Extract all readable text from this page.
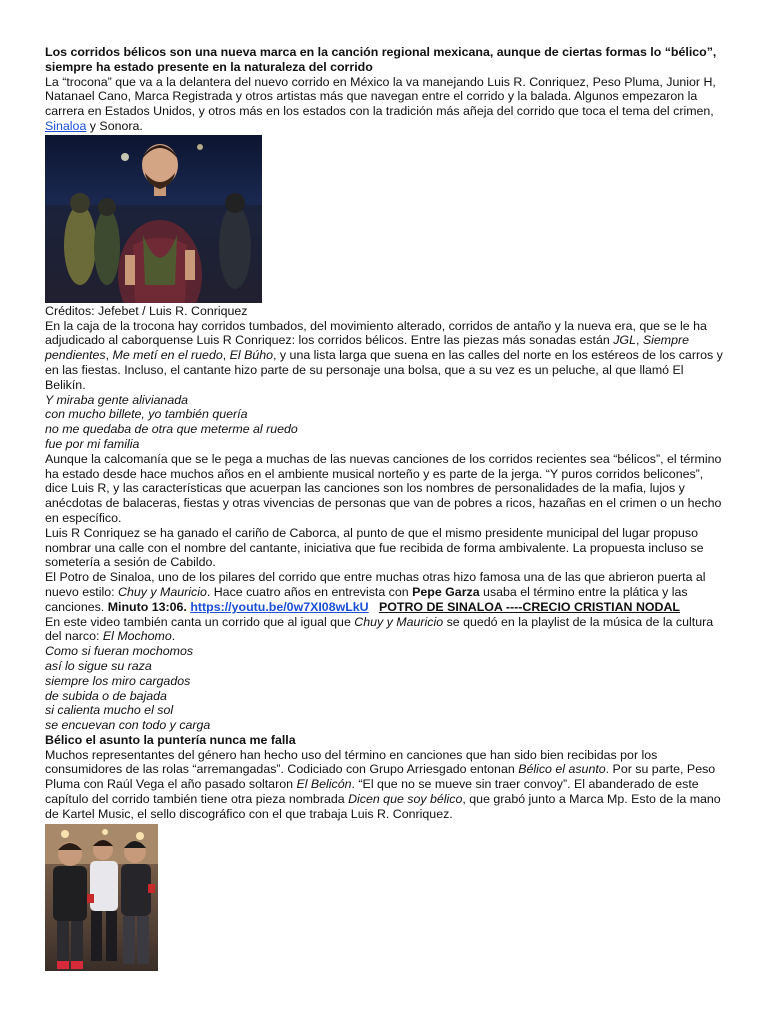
Los corridos bélicos son una nueva marca en la canción regional mexicana, aunque de ciertas formas lo “bélico”, siempre ha estado presente en la naturaleza del corrido

La “trocona” que va a la delantera del nuevo corrido en México la va manejando Luis R. Conriquez, Peso Pluma, Junior H, Natanael Cano, Marca Registrada y otros artistas más que navegan entre el corrido y la balada. Algunos empezaron la carrera en Estados Unidos, y otros más en los estados con la tradición más añeja del corrido que toca el tema del crimen, Sinaloa y Sonora.

Créditos: Jefebet / Luis R. Conriquez

En la caja de la trocona hay corridos tumbados, del movimiento alterado, corridos de antaño y la nueva era, que se le ha adjudicado al caborquense Luis R Conriquez: los corridos bélicos. Entre las piezas más sonadas están JGL, Siempre pendientes, Me metí en el ruedo, El Búho, y una lista larga que suena en las calles del norte en los estéreos de los carros y en las fiestas. Incluso, el cantante hizo parte de su personaje una bolsa, que a su vez es un peluche, al que llamó El Belikín.

Y miraba gente alivianada

con mucho billete, yo también quería

no me quedaba de otra que meterme al ruedo

fue por mi familia

Aunque la calcomanía que se le pega a muchas de las nuevas canciones de los corridos recientes sea “bélicos”, el término ha estado desde hace muchos años en el ambiente musical norteño y es parte de la jerga. “Y puros corridos belicones”, dice Luis R, y las características que acuerpan las canciones son los nombres de personalidades de la mafia, lujos y anécdotas de balaceras, fiestas y otras vivencias de personas que van de pobres a ricos, hazañas en el crimen o un hecho en específico.

Luis R Conriquez se ha ganado el cariño de Caborca, al punto de que el mismo presidente municipal del lugar propuso nombrar una calle con el nombre del cantante, iniciativa que fue recibida de forma ambivalente. La propuesta incluso se sometería a sesión de Cabildo.

El Potro de Sinaloa, uno de los pilares del corrido que entre muchas otras hizo famosa una de las que abrieron puerta al nuevo estilo: Chuy y Mauricio. Hace cuatro años en entrevista con Pepe Garza usaba el término entre la plática y las canciones. Minuto 13:06. https://youtu.be/0w7XI08wLkU POTRO DE SINALOA ----CRECIO CRISTIAN NODAL

En este video también canta un corrido que al igual que Chuy y Mauricio se quedó en la playlist de la música de la cultura del narco: El Mochomo.

Como si fueran mochomos

así lo sigue su raza

siempre los miro cargados

de subida o de bajada

si calienta mucho el sol

se encuevan con todo y carga

Bélico el asunto la puntería nunca me falla

Muchos representantes del género han hecho uso del término en canciones que han sido bien recibidas por los consumidores de las rolas “arremangadas”. Codiciado con Grupo Arriesgado entonan Bélico el asunto. Por su parte, Peso Pluma con Raúl Vega el año pasado soltaron El Belicón. “El que no se mueve sin traer convoy”. El abanderado de este capítulo del corrido también tiene otra pieza nombrada Dicen que soy bélico, que grabó junto a Marca Mp. Esto de la mano de Kartel Music, el sello discográfico con el que trabaja Luis R. Conriquez.
